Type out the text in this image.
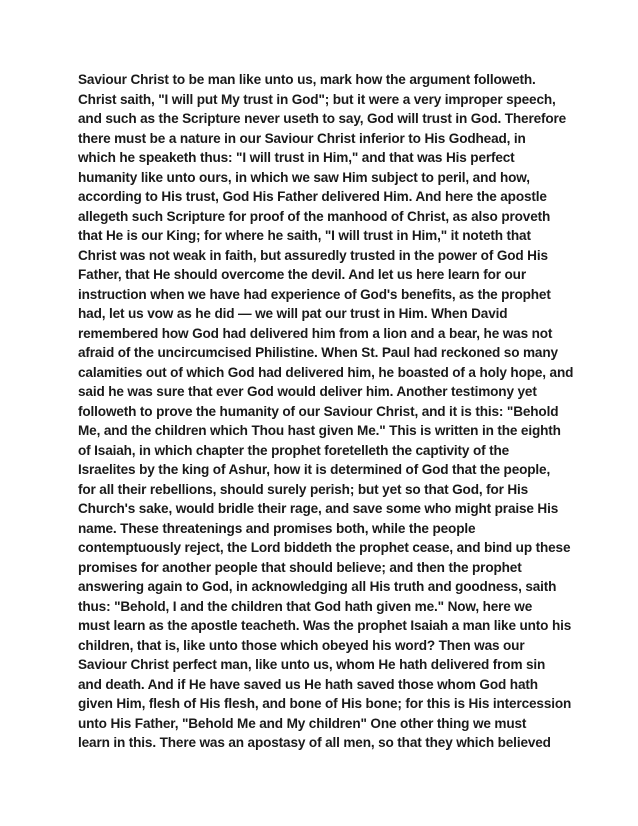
Saviour Christ to be man like unto us, mark how the argument followeth.
Christ saith, "I will put My trust in God"; but it were a very improper speech,
and such as the Scripture never useth to say, God will trust in God. Therefore
there must be a nature in our Saviour Christ inferior to His Godhead, in
which he speaketh thus: "I will trust in Him," and that was His perfect
humanity like unto ours, in which we saw Him subject to peril, and how,
according to His trust, God His Father delivered Him. And here the apostle
allegeth such Scripture for proof of the manhood of Christ, as also proveth
that He is our King; for where he saith, "I will trust in Him," it noteth that
Christ was not weak in faith, but assuredly trusted in the power of God His
Father, that He should overcome the devil. And let us here learn for our
instruction when we have had experience of God's benefits, as the prophet
had, let us vow as he did — we will pat our trust in Him. When David
remembered how God had delivered him from a lion and a bear, he was not
afraid of the uncircumcised Philistine. When St. Paul had reckoned so many
calamities out of which God had delivered him, he boasted of a holy hope, and
said he was sure that ever God would deliver him. Another testimony yet
followeth to prove the humanity of our Saviour Christ, and it is this: "Behold
Me, and the children which Thou hast given Me." This is written in the eighth
of Isaiah, in which chapter the prophet foretelleth the captivity of the
Israelites by the king of Ashur, how it is determined of God that the people,
for all their rebellions, should surely perish; but yet so that God, for His
Church's sake, would bridle their rage, and save some who might praise His
name. These threatenings and promises both, while the people
contemptuously reject, the Lord biddeth the prophet cease, and bind up these
promises for another people that should believe; and then the prophet
answering again to God, in acknowledging all His truth and goodness, saith
thus: "Behold, I and the children that God hath given me." Now, here we
must learn as the apostle teacheth. Was the prophet Isaiah a man like unto his
children, that is, like unto those which obeyed his word? Then was our
Saviour Christ perfect man, like unto us, whom He hath delivered from sin
and death. And if He have saved us He hath saved those whom God hath
given Him, flesh of His flesh, and bone of His bone; for this is His intercession
unto His Father, "Behold Me and My children" One other thing we must
learn in this. There was an apostasy of all men, so that they which believed
